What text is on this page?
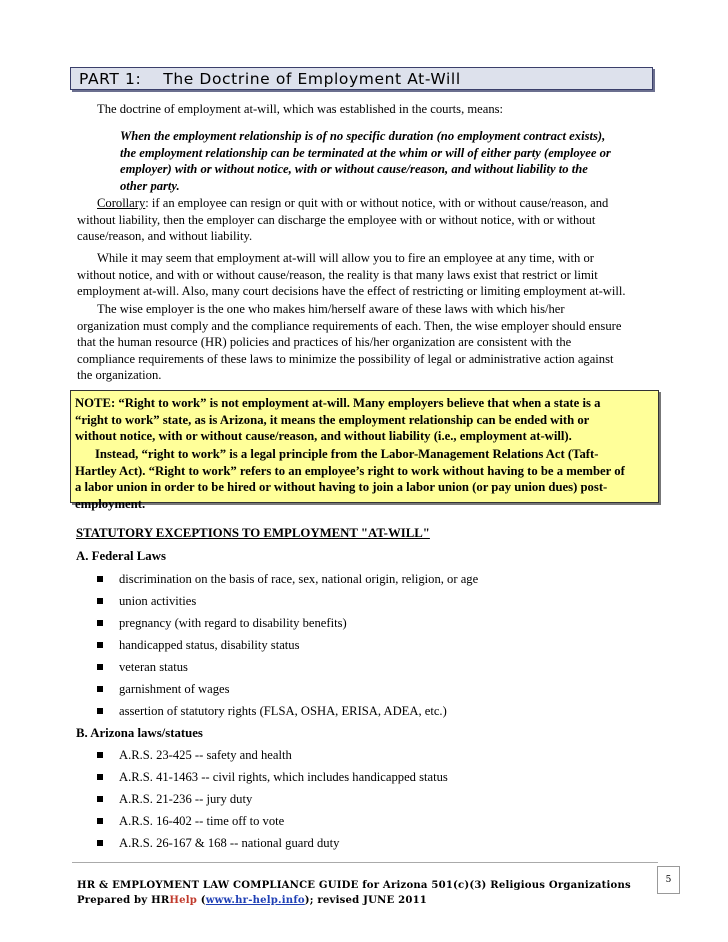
PART 1: The Doctrine of Employment At-Will
The doctrine of employment at-will, which was established in the courts, means:
When the employment relationship is of no specific duration (no employment contract exists),
the employment relationship can be terminated at the whim or will of either party (employee or
employer) with or without notice, with or without cause/reason, and without liability to the
other party.
Corollary: if an employee can resign or quit with or without notice, with or without cause/reason, and
without liability, then the employer can discharge the employee with or without notice, with or without
cause/reason, and without liability.
While it may seem that employment at-will will allow you to fire an employee at any time, with or
without notice, and with or without cause/reason, the reality is that many laws exist that restrict or limit
employment at-will. Also, many court decisions have the effect of restricting or limiting employment at-will.
The wise employer is the one who makes him/herself aware of these laws with which his/her
organization must comply and the compliance requirements of each. Then, the wise employer should ensure
that the human resource (HR) policies and practices of his/her organization are consistent with the
compliance requirements of these laws to minimize the possibility of legal or administrative action against
the organization.
NOTE: “Right to work” is not employment at-will. Many employers believe that when a state is a
“right to work” state, as is Arizona, it means the employment relationship can be ended with or
without notice, with or without cause/reason, and without liability (i.e., employment at-will).
Instead, “right to work” is a legal principle from the Labor-Management Relations Act (Taft-
Hartley Act). “Right to work” refers to an employee’s right to work without having to be a member of
a labor union in order to be hired or without having to join a labor union (or pay union dues) post-
employment.
STATUTORY EXCEPTIONS TO EMPLOYMENT "AT-WILL"
A. Federal Laws
discrimination on the basis of race, sex, national origin, religion, or age
union activities
pregnancy (with regard to disability benefits)
handicapped status, disability status
veteran status
garnishment of wages
assertion of statutory rights (FLSA, OSHA, ERISA, ADEA, etc.)
B. Arizona laws/statues
A.R.S. 23-425 -- safety and health
A.R.S. 41-1463 -- civil rights, which includes handicapped status
A.R.S. 21-236 -- jury duty
A.R.S. 16-402 -- time off to vote
A.R.S. 26-167 & 168 -- national guard duty
5
HR & EMPLOYMENT LAW COMPLIANCE GUIDE for Arizona 501(c)(3) Religious Organizations
Prepared by HRHelp (www.hr-help.info); revised JUNE 2011
